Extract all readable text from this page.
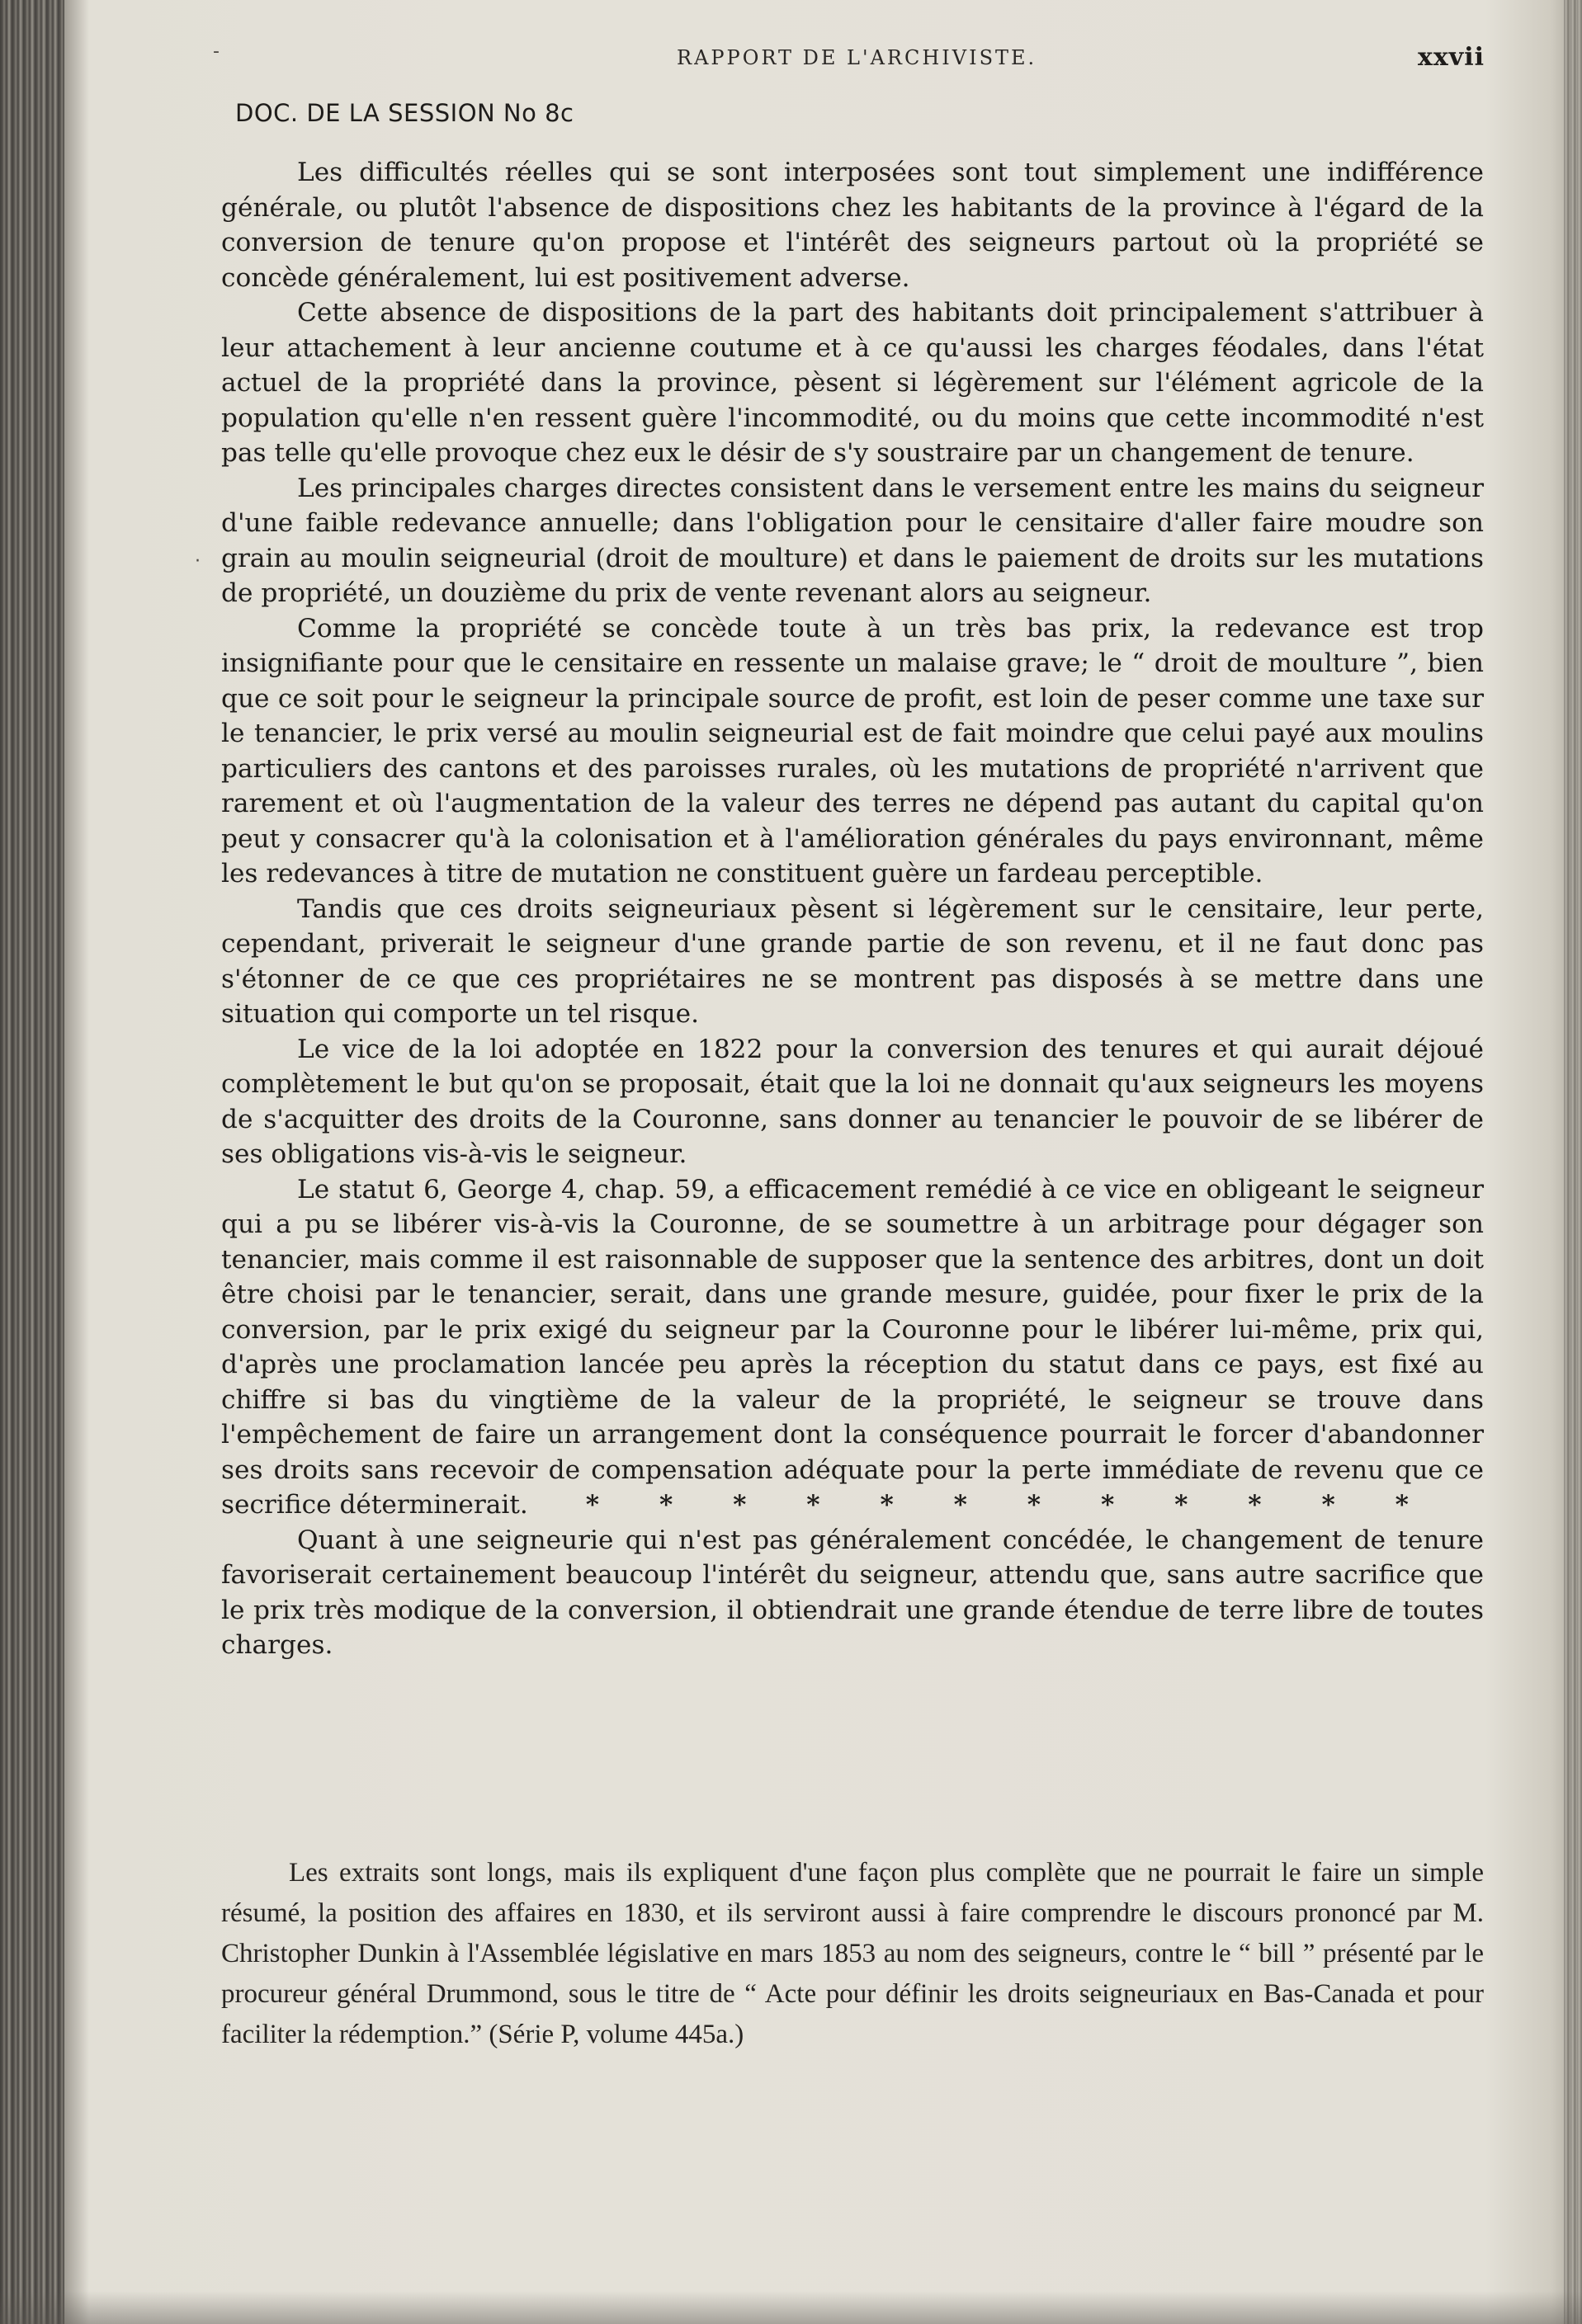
-
·
RAPPORT DE L'ARCHIVISTE.	xxvii
DOC. DE LA SESSION No 8c

Les difficultés réelles qui se sont interposées sont tout simplement une indifférence générale, ou plutôt l'absence de dispositions chez les habitants de la province à l'égard de la conversion de tenure qu'on propose et l'intérêt des seigneurs partout où la propriété se concède généralement, lui est positivement adverse.

Cette absence de dispositions de la part des habitants doit principalement s'attribuer à leur attachement à leur ancienne coutume et à ce qu'aussi les charges féodales, dans l'état actuel de la propriété dans la province, pèsent si légèrement sur l'élément agricole de la population qu'elle n'en ressent guère l'incommodité, ou du moins que cette incommodité n'est pas telle qu'elle provoque chez eux le désir de s'y soustraire par un changement de tenure.

Les principales charges directes consistent dans le versement entre les mains du seigneur d'une faible redevance annuelle; dans l'obligation pour le censitaire d'aller faire moudre son grain au moulin seigneurial (droit de moulture) et dans le paiement de droits sur les mutations de propriété, un douzième du prix de vente revenant alors au seigneur.

Comme la propriété se concède toute à un très bas prix, la redevance est trop insignifiante pour que le censitaire en ressente un malaise grave; le “ droit de moulture ”, bien que ce soit pour le seigneur la principale source de profit, est loin de peser comme une taxe sur le tenancier, le prix versé au moulin seigneurial est de fait moindre que celui payé aux moulins particuliers des cantons et des paroisses rurales, où les mutations de propriété n'arrivent que rarement et où l'augmentation de la valeur des terres ne dépend pas autant du capital qu'on peut y consacrer qu'à la colonisation et à l'amélioration générales du pays environnant, même les redevances à titre de mutation ne constituent guère un fardeau perceptible.

Tandis que ces droits seigneuriaux pèsent si légèrement sur le censitaire, leur perte, cependant, priverait le seigneur d'une grande partie de son revenu, et il ne faut donc pas s'étonner de ce que ces propriétaires ne se montrent pas disposés à se mettre dans une situation qui comporte un tel risque.

Le vice de la loi adoptée en 1822 pour la conversion des tenures et qui aurait déjoué complètement le but qu'on se proposait, était que la loi ne donnait qu'aux seigneurs les moyens de s'acquitter des droits de la Couronne, sans donner au tenancier le pouvoir de se libérer de ses obligations vis-à-vis le seigneur.

Le statut 6, George 4, chap. 59, a efficacement remédié à ce vice en obligeant le seigneur qui a pu se libérer vis-à-vis la Couronne, de se soumettre à un arbitrage pour dégager son tenancier, mais comme il est raisonnable de supposer que la sentence des arbitres, dont un doit être choisi par le tenancier, serait, dans une grande mesure, guidée, pour fixer le prix de la conversion, par le prix exigé du seigneur par la Couronne pour le libérer lui-même, prix qui, d'après une proclamation lancée peu après la réception du statut dans ce pays, est fixé au chiffre si bas du vingtième de la valeur de la propriété, le seigneur se trouve dans l'empêchement de faire un arrangement dont la conséquence pourrait le forcer d'abandonner ses droits sans recevoir de compensation adéquate pour la perte immédiate de revenu que ce secrifice déterminerait. * * * * * * * * * * * *

Quant à une seigneurie qui n'est pas généralement concédée, le changement de tenure favoriserait certainement beaucoup l'intérêt du seigneur, attendu que, sans autre sacrifice que le prix très modique de la conversion, il obtiendrait une grande étendue de terre libre de toutes charges.

Les extraits sont longs, mais ils expliquent d'une façon plus complète que ne pourrait le faire un simple résumé, la position des affaires en 1830, et ils serviront aussi à faire comprendre le discours prononcé par M. Christopher Dunkin à l'Assemblée législative en mars 1853 au nom des seigneurs, contre le “ bill ” présenté par le procureur général Drummond, sous le titre de “ Acte pour définir les droits seigneuriaux en Bas-Canada et pour faciliter la rédemption.” (Série P, volume 445a.)
